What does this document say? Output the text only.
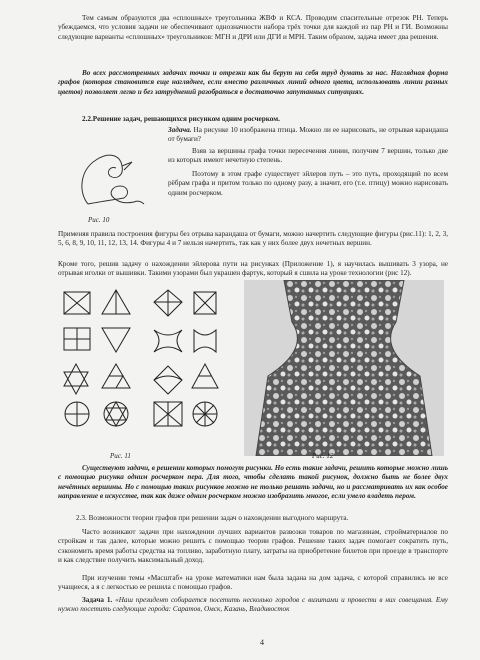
Тем самым образуются два «сплошных» треугольника ЖВФ и КСА. Проводим спасительные отрезок РН. Теперь убеждаемся, что условия задачи не обеспечивают однозначности набора трёх точки для каждой из пар РН и ГИ. Возможны следующие варианты «сплошных» треугольников: МГН и ДРИ или ДГИ и МРН. Таким образом, задача имеет два решения.

Во всех рассмотренных задачах точки и отрезки как бы берут на себя труд думать за нас. Наглядная форма графов (которая становится еще нагляднее, если вместо различных линий одного цвета, использовать линии разных цветов) позволяет легко и без затруднений разобраться в достаточно запутанных ситуациях.

2.2.Решение задач, решающихся рисунком одним росчерком.

Рис. 10

Задача. На рисунке 10 изображена птица. Можно ли ее нарисовать, не отрывая карандаша от бумаги?

Взяв за вершины графа точки пересечения линии, получим 7 вершин, только две из которых имеют нечетную степень.

Поэтому в этом графе существует эйлеров путь – это путь, проходящий по всем рёбрам графа и притом только по одному разу, а значит, его (т.е. птицу) можно нарисовать одним росчерком.

Применяя правила построения фигуры без отрыва карандаша от бумаги, можно начертить следующие фигуры (рис.11): 1, 2, 3, 5, 6, 8, 9, 10, 11, 12, 13, 14. Фигуры 4 и 7 нельзя начертить, так как у них более двух нечетных вершин.

Кроме того, решив задачу о нахождении эйлерова пути на рисунках (Приложение 1), я научилась вышивать 3 узора, не отрывая иголки от вышивки. Такими узорами был украшен фартук, который я сшила на уроке технологии (рис 12).

Рис. 11	Рис. 12

Существуют задачи, в решении которых помогут рисунки. Но есть такие задачи, решить которые можно лишь с помощью рисунка одним росчерком пера. Для того, чтобы сделать такой рисунок, должно быть не более двух нечётных вершины. Но с помощью таких рисунков можно не только решать задачи, но и рассматривать их как особое направление в искусстве, так как даже одним росчерком можно изобразить многое, если умело владеть пером.

2.3. Возможности теории графов при решении задач о нахождении выгодного маршрута.

Часто возникают задачи при нахождении лучших вариантов развозки товаров по магазинам, стройматериалов по стройкам и так далее, которые можно решить с помощью теории графов. Решение таких задач помогает сократить путь, сэкономить время работы средства на топливо, заработную плату, затраты на приобретение билетов при проезде в транспорте и как следствие получить максимальный доход.

При изучении темы «Масштаб» на уроке математики нам была задана на дом задача, с которой справились не все учащиеся, а я с легкостью ее решила с помощью графов.

Задача 1. «Наш президент собирается посетить несколько городов с визитами и провести в них совещания. Ему нужно посетить следующие города: Саратов, Омск, Казань, Владивосток

4
